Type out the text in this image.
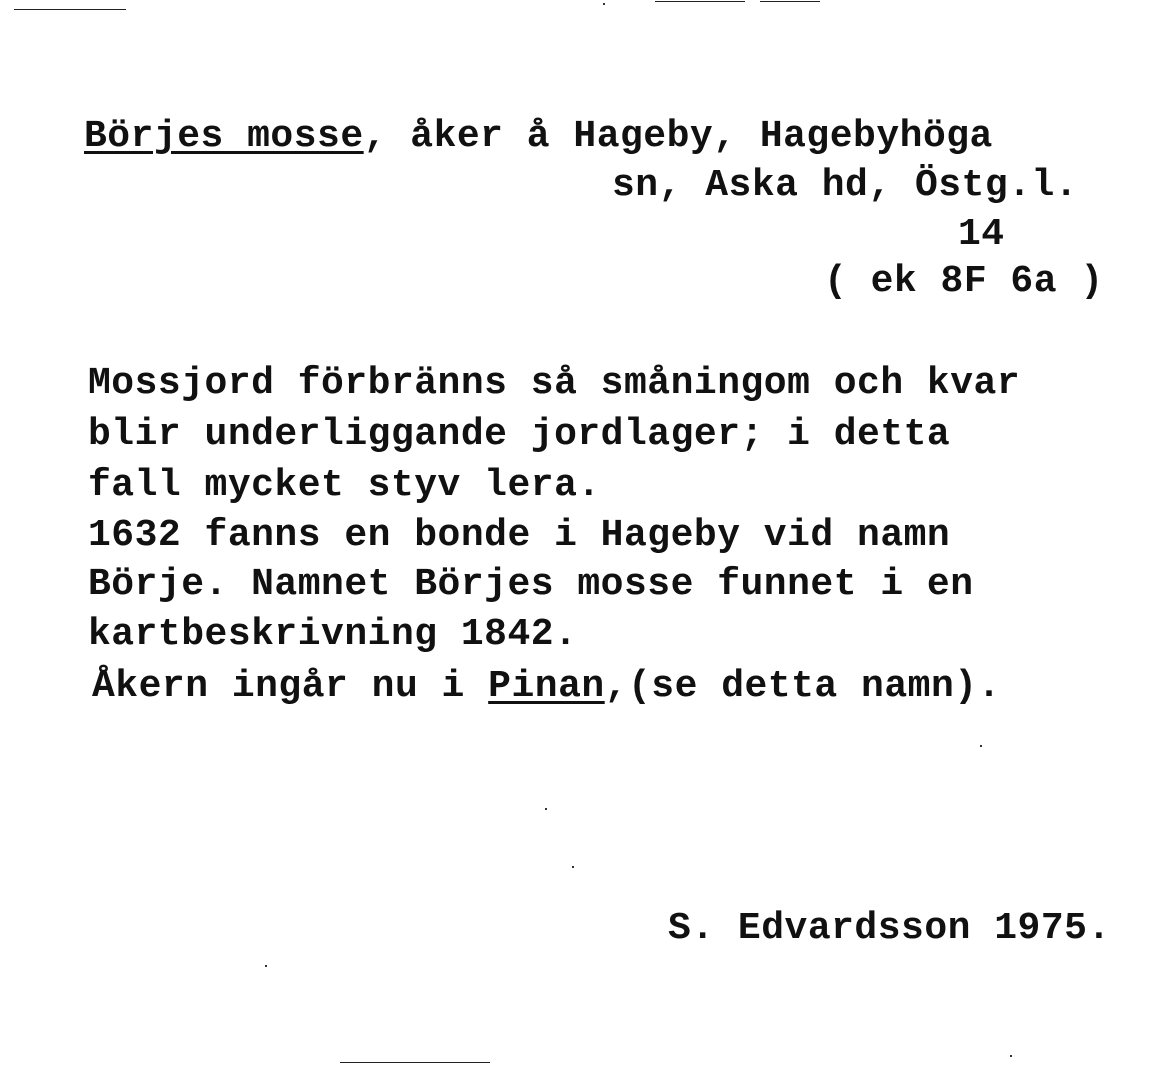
Börjes mosse, åker å Hageby, Hagebyhöga
sn, Aska hd, Östg.l.
14
( ek 8F 6a )
Mossjord förbränns så småningom och kvar
blir underliggande jordlager; i detta
fall mycket styv lera.
1632 fanns en bonde i Hageby vid namn
Börje. Namnet Börjes mosse funnet i en
kartbeskrivning 1842.
Åkern ingår nu i Pinan,(se detta namn).
S. Edvardsson 1975.
